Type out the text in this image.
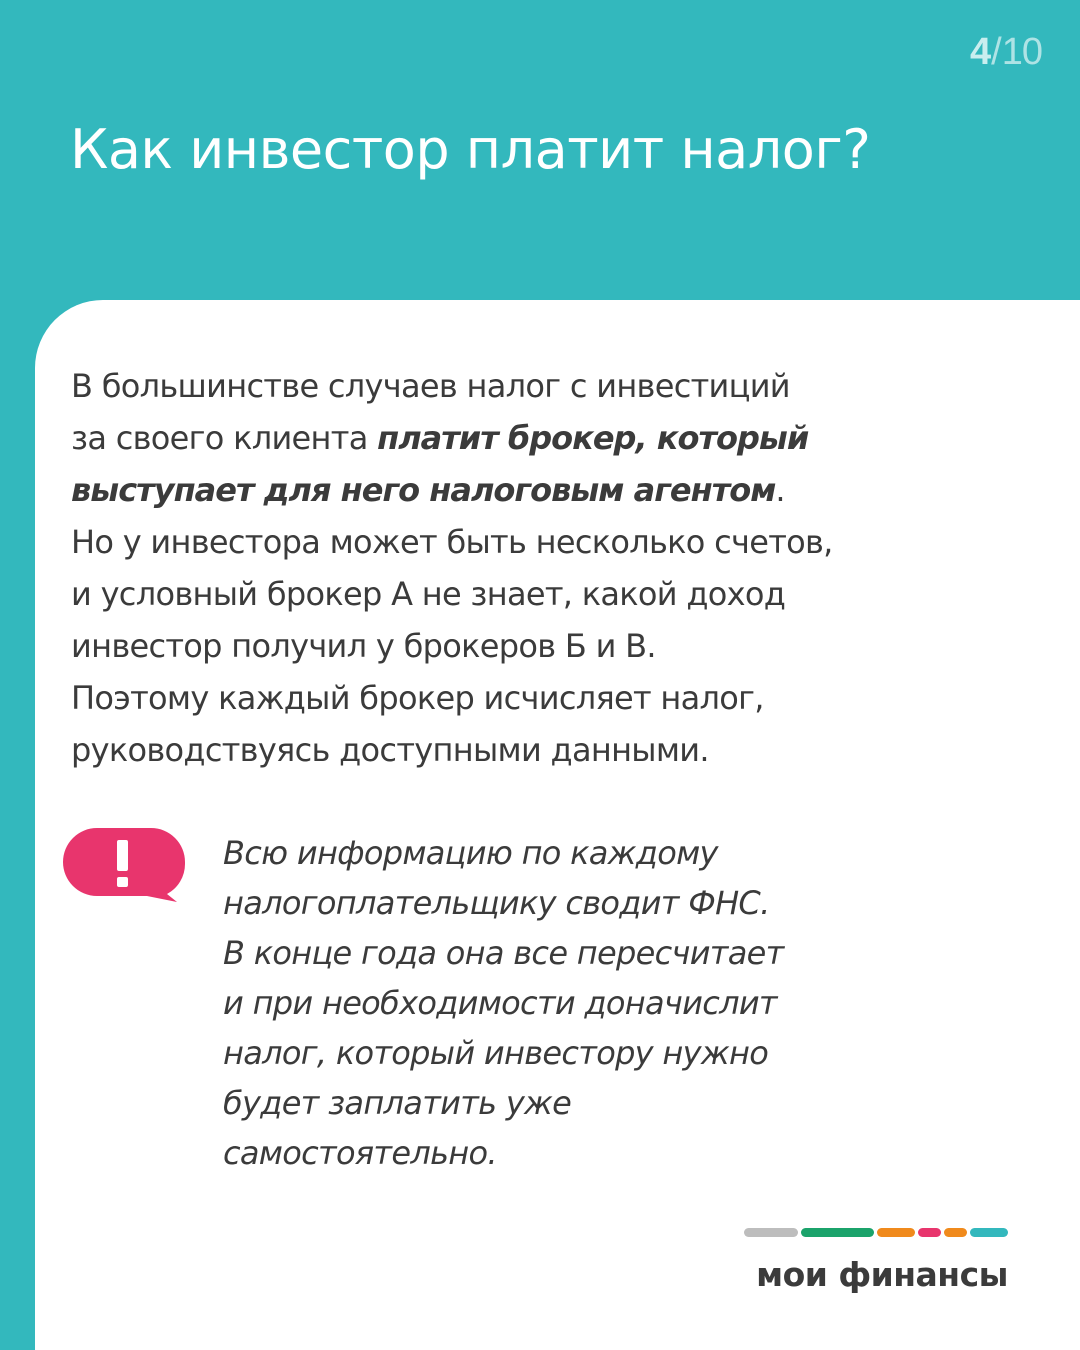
4/10
Как инвестор платит налог?

В большинстве случаев налог с инвестиций
за своего клиента платит брокер, который
выступает для него налоговым агентом.
Но у инвестора может быть несколько счетов,
и условный брокер А не знает, какой доход
инвестор получил у брокеров Б и В.
Поэтому каждый брокер исчисляет налог,
руководствуясь доступными данными.

Всю информацию по каждому
налогоплательщику сводит ФНС.
В конце года она все пересчитает
и при необходимости доначислит
налог, который инвестору нужно
будет заплатить уже
самостоятельно.

мои финансы
